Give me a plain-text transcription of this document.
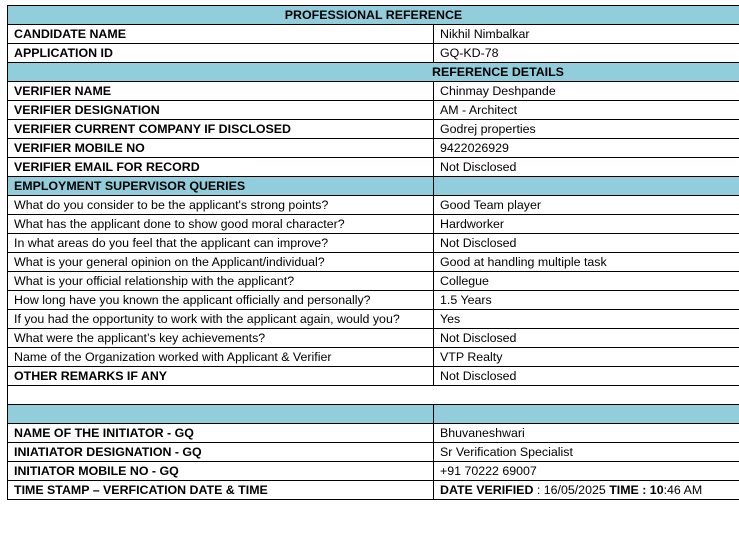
PROFESSIONAL REFERENCE	
CANDIDATE NAME	Nikhil Nimbalkar
APPLICATION ID	GQ-KD-78
REFERENCE DETAILS	
VERIFIER NAME	Chinmay Deshpande
VERIFIER DESIGNATION	AM - Architect
VERIFIER CURRENT COMPANY IF DISCLOSED	Godrej properties
VERIFIER MOBILE NO	9422026929
VERIFIER EMAIL FOR RECORD	Not Disclosed
EMPLOYMENT SUPERVISOR QUERIES	
What do you consider to be the applicant's strong points?	Good Team player
What has the applicant done to show good moral character?	Hardworker
In what areas do you feel that the applicant can improve?	Not Disclosed
What is your general opinion on the Applicant/individual?	Good at handling multiple task
What is your official relationship with the applicant?	Collegue
How long have you known the applicant officially and personally?	1.5 Years
If you had the opportunity to work with the applicant again, would you?	Yes
What were the applicant’s key achievements?	Not Disclosed
Name of the Organization worked with Applicant & Verifier	VTP Realty
OTHER REMARKS IF ANY	Not Disclosed

NAME OF THE INITIATOR - GQ	Bhuvaneshwari
INIATIATOR DESIGNATION - GQ	Sr Verification Specialist
INITIATOR MOBILE NO - GQ	+91 70222 69007
TIME STAMP – VERFICATION DATE & TIME	DATE VERIFIED : 16/05/2025 TIME : 10:46 AM
